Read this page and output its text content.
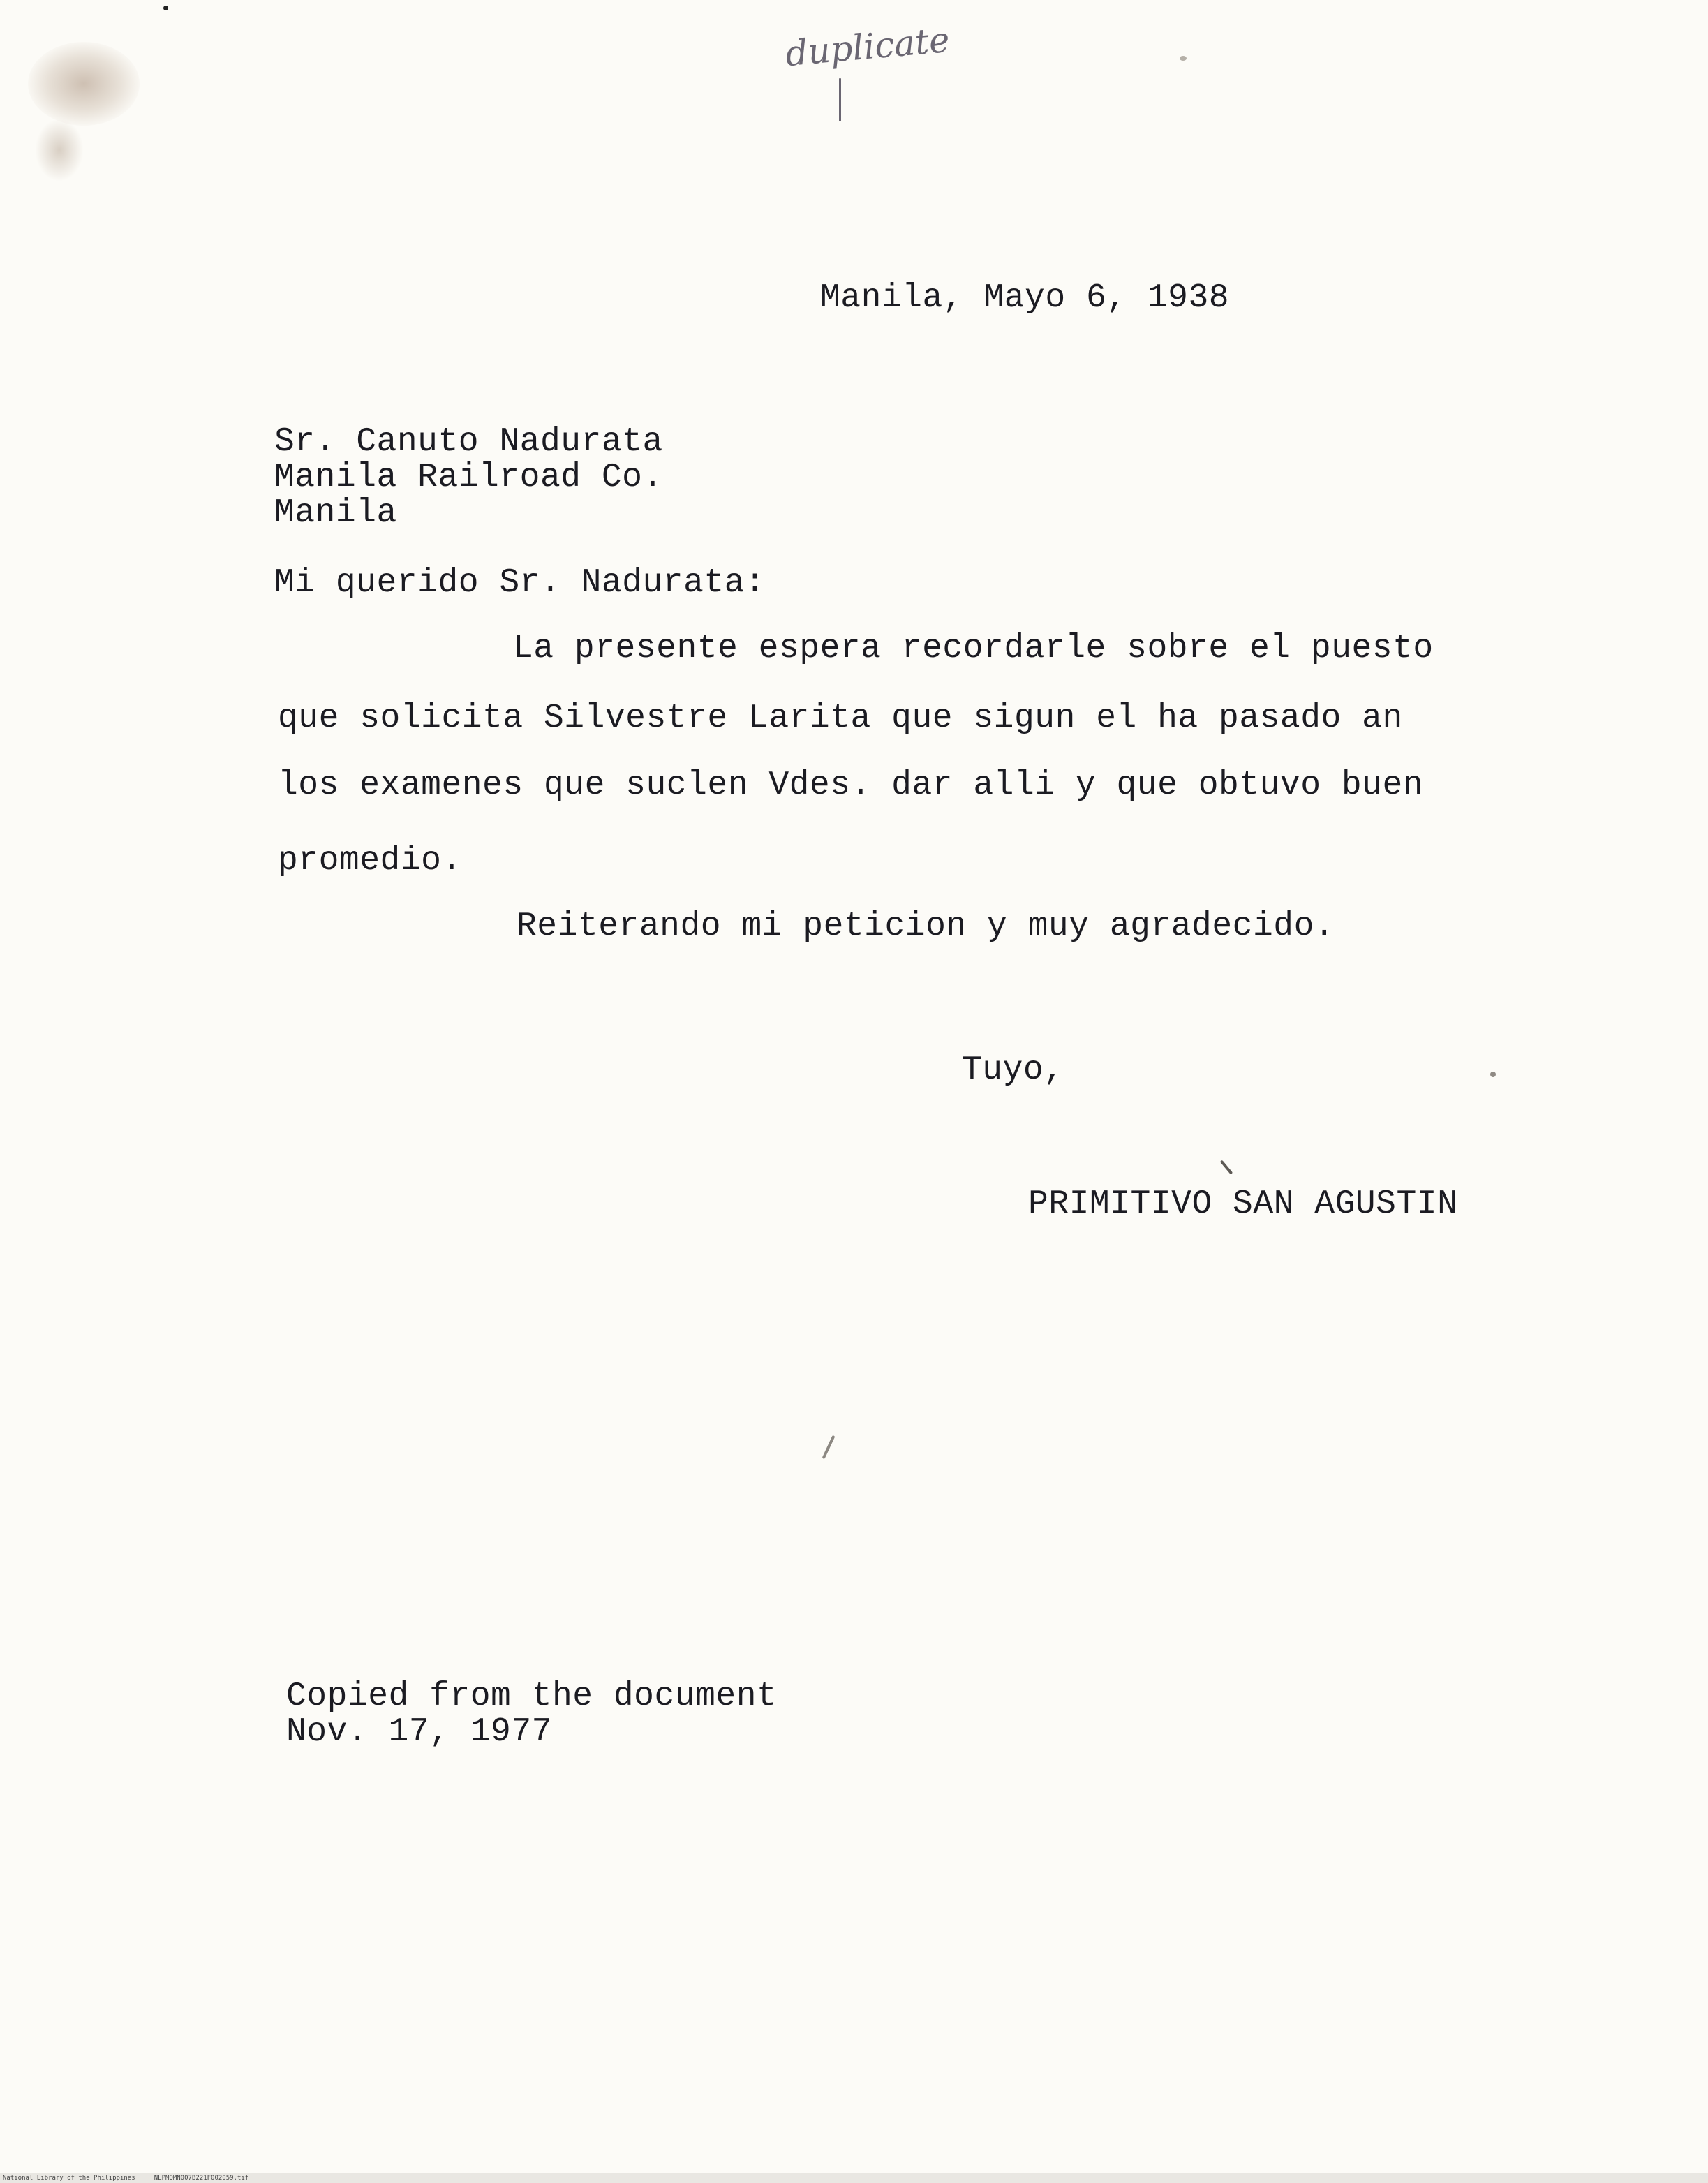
duplicate

Manila, Mayo 6, 1938

Sr. Canuto Nadurata

Manila Railroad Co.

Manila

Mi querido Sr. Nadurata:

La presente espera recordarle sobre el puesto

que solicita Silvestre Larita que sigun el ha pasado an

los examenes que suclen Vdes. dar alli y que obtuvo buen

promedio.

Reiterando mi peticion y muy agradecido.

Tuyo,

PRIMITIVO SAN AGUSTIN

Copied from the document

Nov. 17, 1977

National Library of the Philippines	NLPMQMN007B221F002059.tif
